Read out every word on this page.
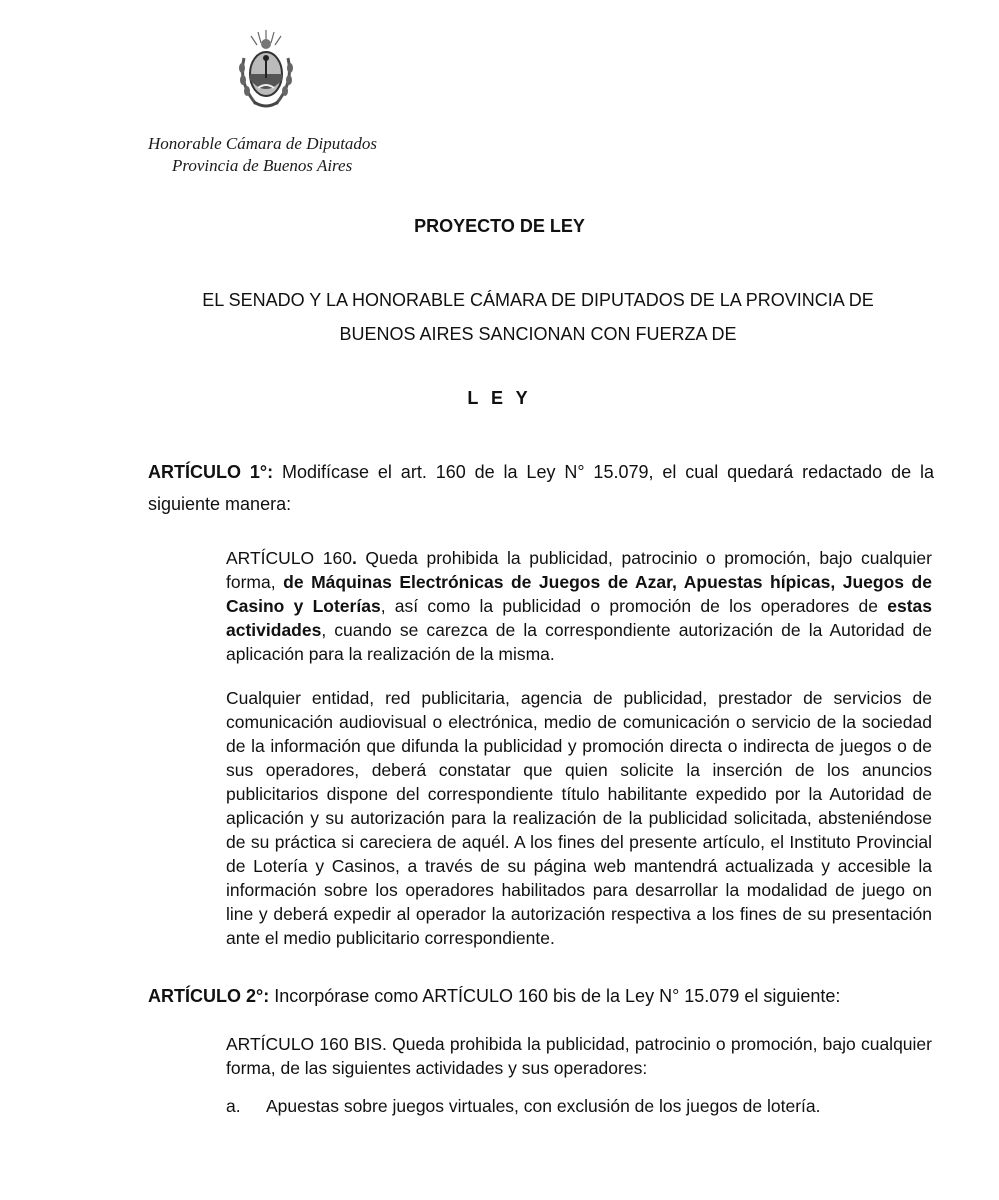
Honorable Cámara de Diputados
Provincia de Buenos Aires
PROYECTO DE LEY
EL SENADO Y LA HONORABLE CÁMARA DE DIPUTADOS DE LA PROVINCIA DE
BUENOS AIRES SANCIONAN CON FUERZA DE
L E Y
ARTÍCULO 1°: Modifícase el art. 160 de la Ley N° 15.079, el cual quedará redactado de la siguiente manera:
ARTÍCULO 160. Queda prohibida la publicidad, patrocinio o promoción, bajo cualquier forma, de Máquinas Electrónicas de Juegos de Azar, Apuestas hípicas, Juegos de Casino y Loterías, así como la publicidad o promoción de los operadores de estas actividades, cuando se carezca de la correspondiente autorización de la Autoridad de aplicación para la realización de la misma.
Cualquier entidad, red publicitaria, agencia de publicidad, prestador de servicios de comunicación audiovisual o electrónica, medio de comunicación o servicio de la sociedad de la información que difunda la publicidad y promoción directa o indirecta de juegos o de sus operadores, deberá constatar que quien solicite la inserción de los anuncios publicitarios dispone del correspondiente título habilitante expedido por la Autoridad de aplicación y su autorización para la realización de la publicidad solicitada, absteniéndose de su práctica si careciera de aquél. A los fines del presente artículo, el Instituto Provincial de Lotería y Casinos, a través de su página web mantendrá actualizada y accesible la información sobre los operadores habilitados para desarrollar la modalidad de juego on line y deberá expedir al operador la autorización respectiva a los fines de su presentación ante el medio publicitario correspondiente.
ARTÍCULO 2°: Incorpórase como ARTÍCULO 160 bis de la Ley N° 15.079 el siguiente:
ARTÍCULO 160 BIS. Queda prohibida la publicidad, patrocinio o promoción, bajo cualquier forma, de las siguientes actividades y sus operadores:
a. Apuestas sobre juegos virtuales, con exclusión de los juegos de lotería.
